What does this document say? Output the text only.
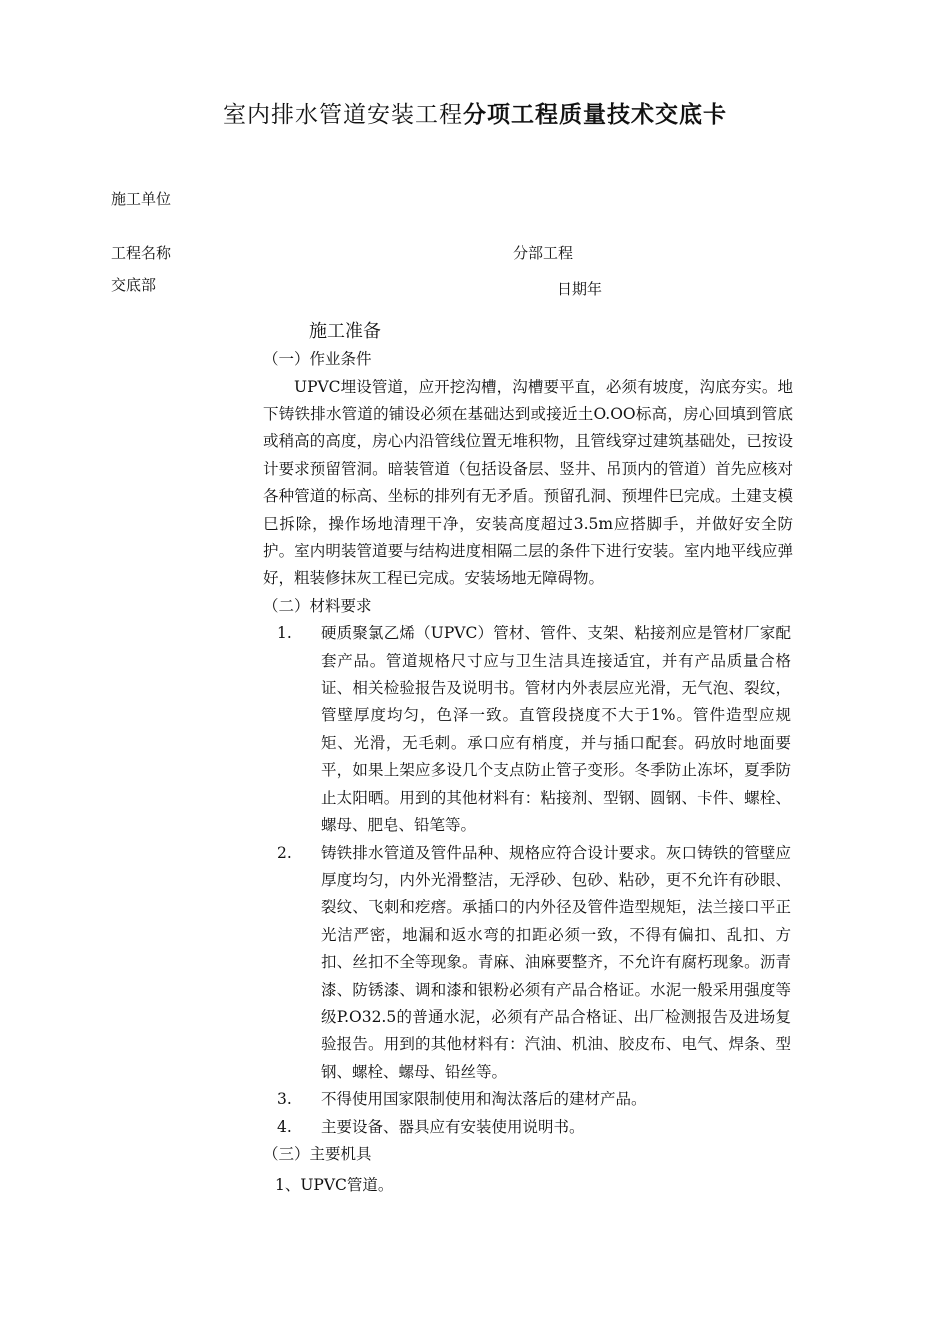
室内排水管道安装工程分项工程质量技术交底卡
施工单位
工程名称	分部工程
交底部	日期年
施工准备
（一）作业条件

UPVC埋设管道，应开挖沟槽，沟槽要平直，必须有坡度，沟底夯实。地下铸铁排水管道的铺设必须在基础达到或接近土O.OO标高，房心回填到管底或稍高的高度，房心内沿管线位置无堆积物，且管线穿过建筑基础处，已按设计要求预留管洞。暗装管道（包括设备层、竖井、吊顶内的管道）首先应核对各种管道的标高、坐标的排列有无矛盾。预留孔洞、预埋件巳完成。土建支模巳拆除，操作场地清理干净，安装高度超过3.5m应搭脚手，并做好安全防护。室内明装管道要与结构进度相隔二层的条件下进行安装。室内地平线应弹好，粗装修抹灰工程已完成。安装场地无障碍物。

（二）材料要求
1.	硬质聚氯乙烯（UPVC）管材、管件、支架、粘接剂应是管材厂家配套产品。管道规格尺寸应与卫生洁具连接适宜，并有产品质量合格证、相关检验报告及说明书。管材内外表层应光滑，无气泡、裂纹，管壁厚度均匀，色泽一致。直管段挠度不大于1%。管件造型应规矩、光滑，无毛刺。承口应有梢度，并与插口配套。码放时地面要平，如果上架应多设几个支点防止管子变形。冬季防止冻坏，夏季防止太阳晒。用到的其他材料有：粘接剂、型钢、圆钢、卡件、螺栓、螺母、肥皂、铅笔等。
2.	铸铁排水管道及管件品种、规格应符合设计要求。灰口铸铁的管壁应厚度均匀，内外光滑整洁，无浮砂、包砂、粘砂，更不允许有砂眼、裂纹、飞刺和疙瘩。承插口的内外径及管件造型规矩，法兰接口平正光洁严密，地漏和返水弯的扣距必须一致，不得有偏扣、乱扣、方扣、丝扣不全等现象。青麻、油麻要整齐，不允许有腐朽现象。沥青漆、防锈漆、调和漆和银粉必须有产品合格证。水泥一般采用强度等级P.O32.5的普通水泥，必须有产品合格证、出厂检测报告及进场复验报告。用到的其他材料有：汽油、机油、胶皮布、电气、焊条、型钢、螺栓、螺母、铅丝等。
3.	不得使用国家限制使用和淘汰落后的建材产品。
4.	主要设备、器具应有安装使用说明书。
（三）主要机具
1、UPVC管道。
